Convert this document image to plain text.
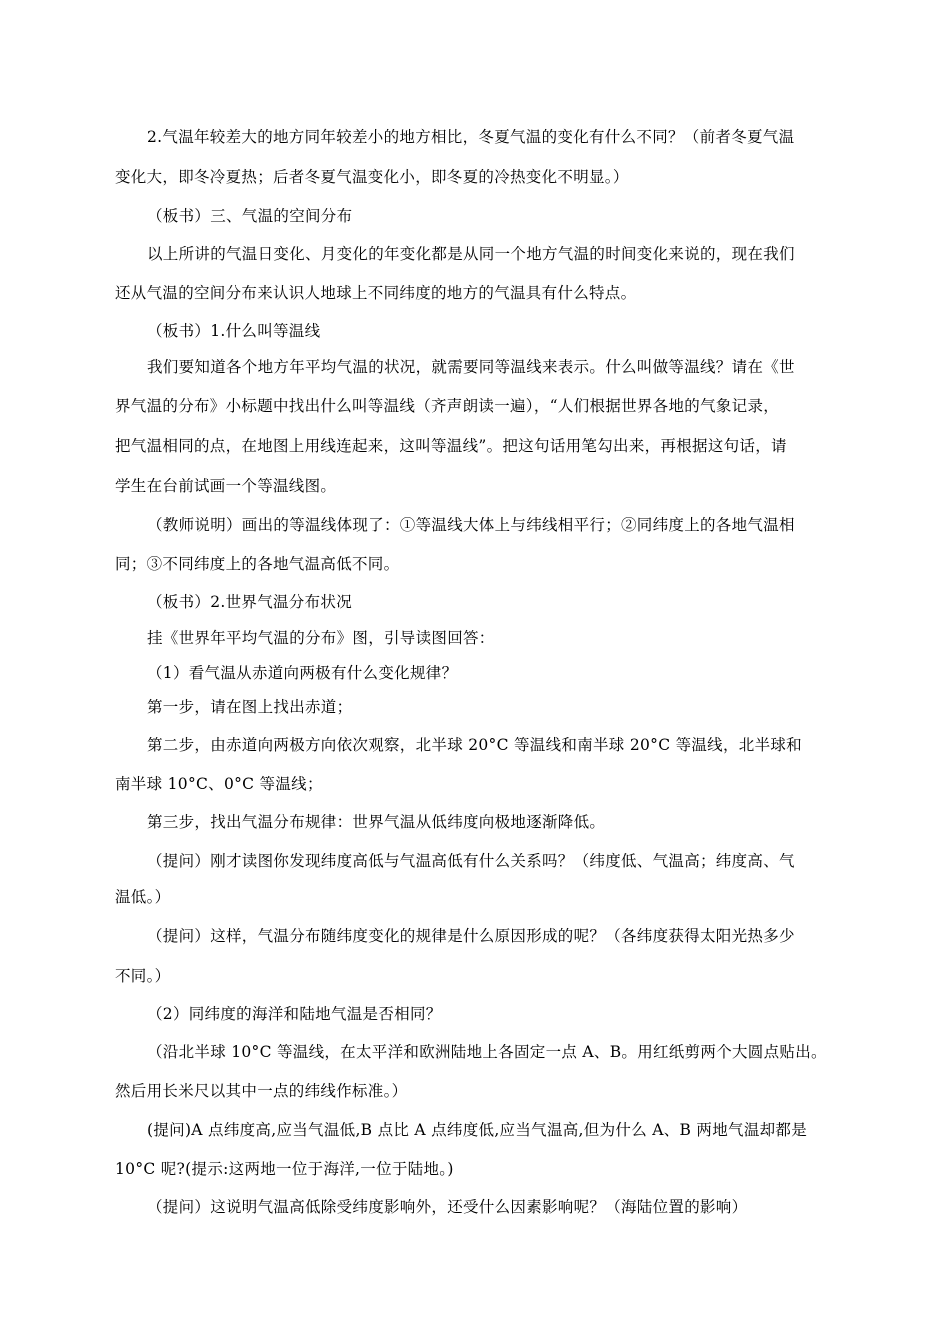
2.气温年较差大的地方同年较差小的地方相比，冬夏气温的变化有什么不同？（前者冬夏气温
变化大，即冬冷夏热；后者冬夏气温变化小，即冬夏的冷热变化不明显。）
（板书）三、气温的空间分布
以上所讲的气温日变化、月变化的年变化都是从同一个地方气温的时间变化来说的，现在我们
还从气温的空间分布来认识人地球上不同纬度的地方的气温具有什么特点。
（板书）1.什么叫等温线
我们要知道各个地方年平均气温的状况，就需要同等温线来表示。什么叫做等温线？请在《世
界气温的分布》小标题中找出什么叫等温线（齐声朗读一遍），“人们根据世界各地的气象记录，
把气温相同的点，在地图上用线连起来，这叫等温线”。把这句话用笔勾出来，再根据这句话，请
学生在台前试画一个等温线图。
（教师说明）画出的等温线体现了：①等温线大体上与纬线相平行；②同纬度上的各地气温相
同；③不同纬度上的各地气温高低不同。
（板书）2.世界气温分布状况
挂《世界年平均气温的分布》图，引导读图回答：
（1）看气温从赤道向两极有什么变化规律？
第一步，请在图上找出赤道；
第二步，由赤道向两极方向依次观察，北半球 20°C 等温线和南半球 20°C 等温线，北半球和
南半球 10°C、0°C 等温线；
第三步，找出气温分布规律：世界气温从低纬度向极地逐渐降低。
（提问）刚才读图你发现纬度高低与气温高低有什么关系吗？（纬度低、气温高；纬度高、气
温低。）
（提问）这样，气温分布随纬度变化的规律是什么原因形成的呢？（各纬度获得太阳光热多少
不同。）
（2）同纬度的海洋和陆地气温是否相同？
（沿北半球 10°C 等温线，在太平洋和欧洲陆地上各固定一点 A、B。用红纸剪两个大圆点贴出。
然后用长米尺以其中一点的纬线作标准。）
(提问)A 点纬度高,应当气温低,B 点比 A 点纬度低,应当气温高,但为什么 A、B 两地气温却都是
10°C 呢?(提示:这两地一位于海洋,一位于陆地。)
（提问）这说明气温高低除受纬度影响外，还受什么因素影响呢？（海陆位置的影响）
